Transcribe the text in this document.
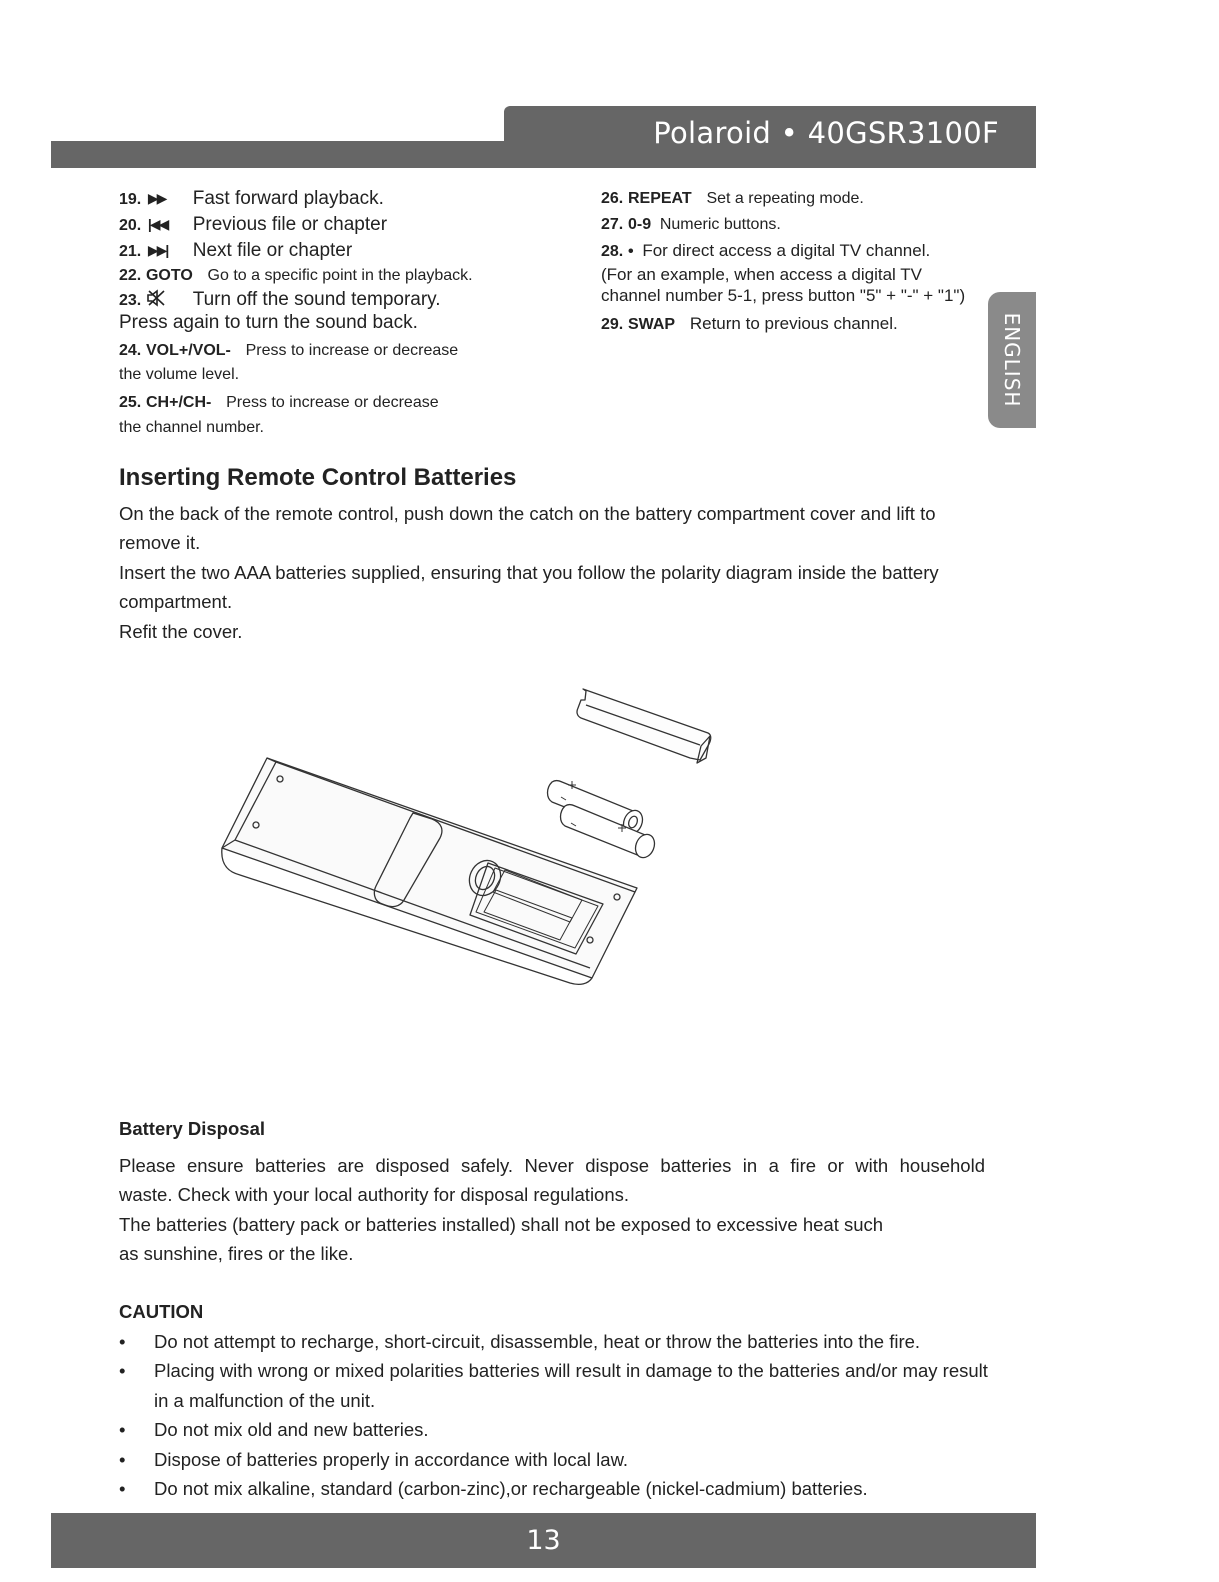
Polaroid • 40GSR3100F
ENGLISH
19.  ▶▶ Fast forward playback.
20.  |◀◀ Previous file or chapter
21.  ▶▶| Next file or chapter
22. GOTO Go to a specific point in the playback.
23.	Turn off the sound temporary.
Press again to turn the sound back.
24. VOL+/VOL- Press to increase or decrease
the volume level.
25. CH+/CH- Press to increase or decrease
the channel number.
26. REPEAT Set a repeating mode.
27. 0-9 Numeric buttons.
28. • For direct access a digital TV channel.
(For an example, when access a digital TV channel number 5-1, press button "5" + "-" + "1")
29. SWAP Return to previous channel.
Inserting Remote Control Batteries
On the back of the remote control, push down the catch on the battery compartment cover and lift to remove it.
Insert the two AAA batteries supplied, ensuring that you follow the polarity diagram inside the battery compartment.
Refit the cover.
Battery Disposal
Please ensure batteries are disposed safely. Never dispose batteries in a fire or with household
waste. Check with your local authority for disposal regulations.
The batteries (battery pack or batteries installed) shall not be exposed to excessive heat such
as sunshine, fires or the like.
CAUTION
• Do not attempt to recharge, short-circuit, disassemble, heat or throw the batteries into the fire.
• Placing with wrong or mixed polarities batteries will result in damage to the batteries and/or may result in a malfunction of the unit.
• Do not mix old and new batteries.
• Dispose of batteries properly in accordance with local law.
• Do not mix alkaline, standard (carbon-zinc),or rechargeable (nickel-cadmium) batteries.
13
